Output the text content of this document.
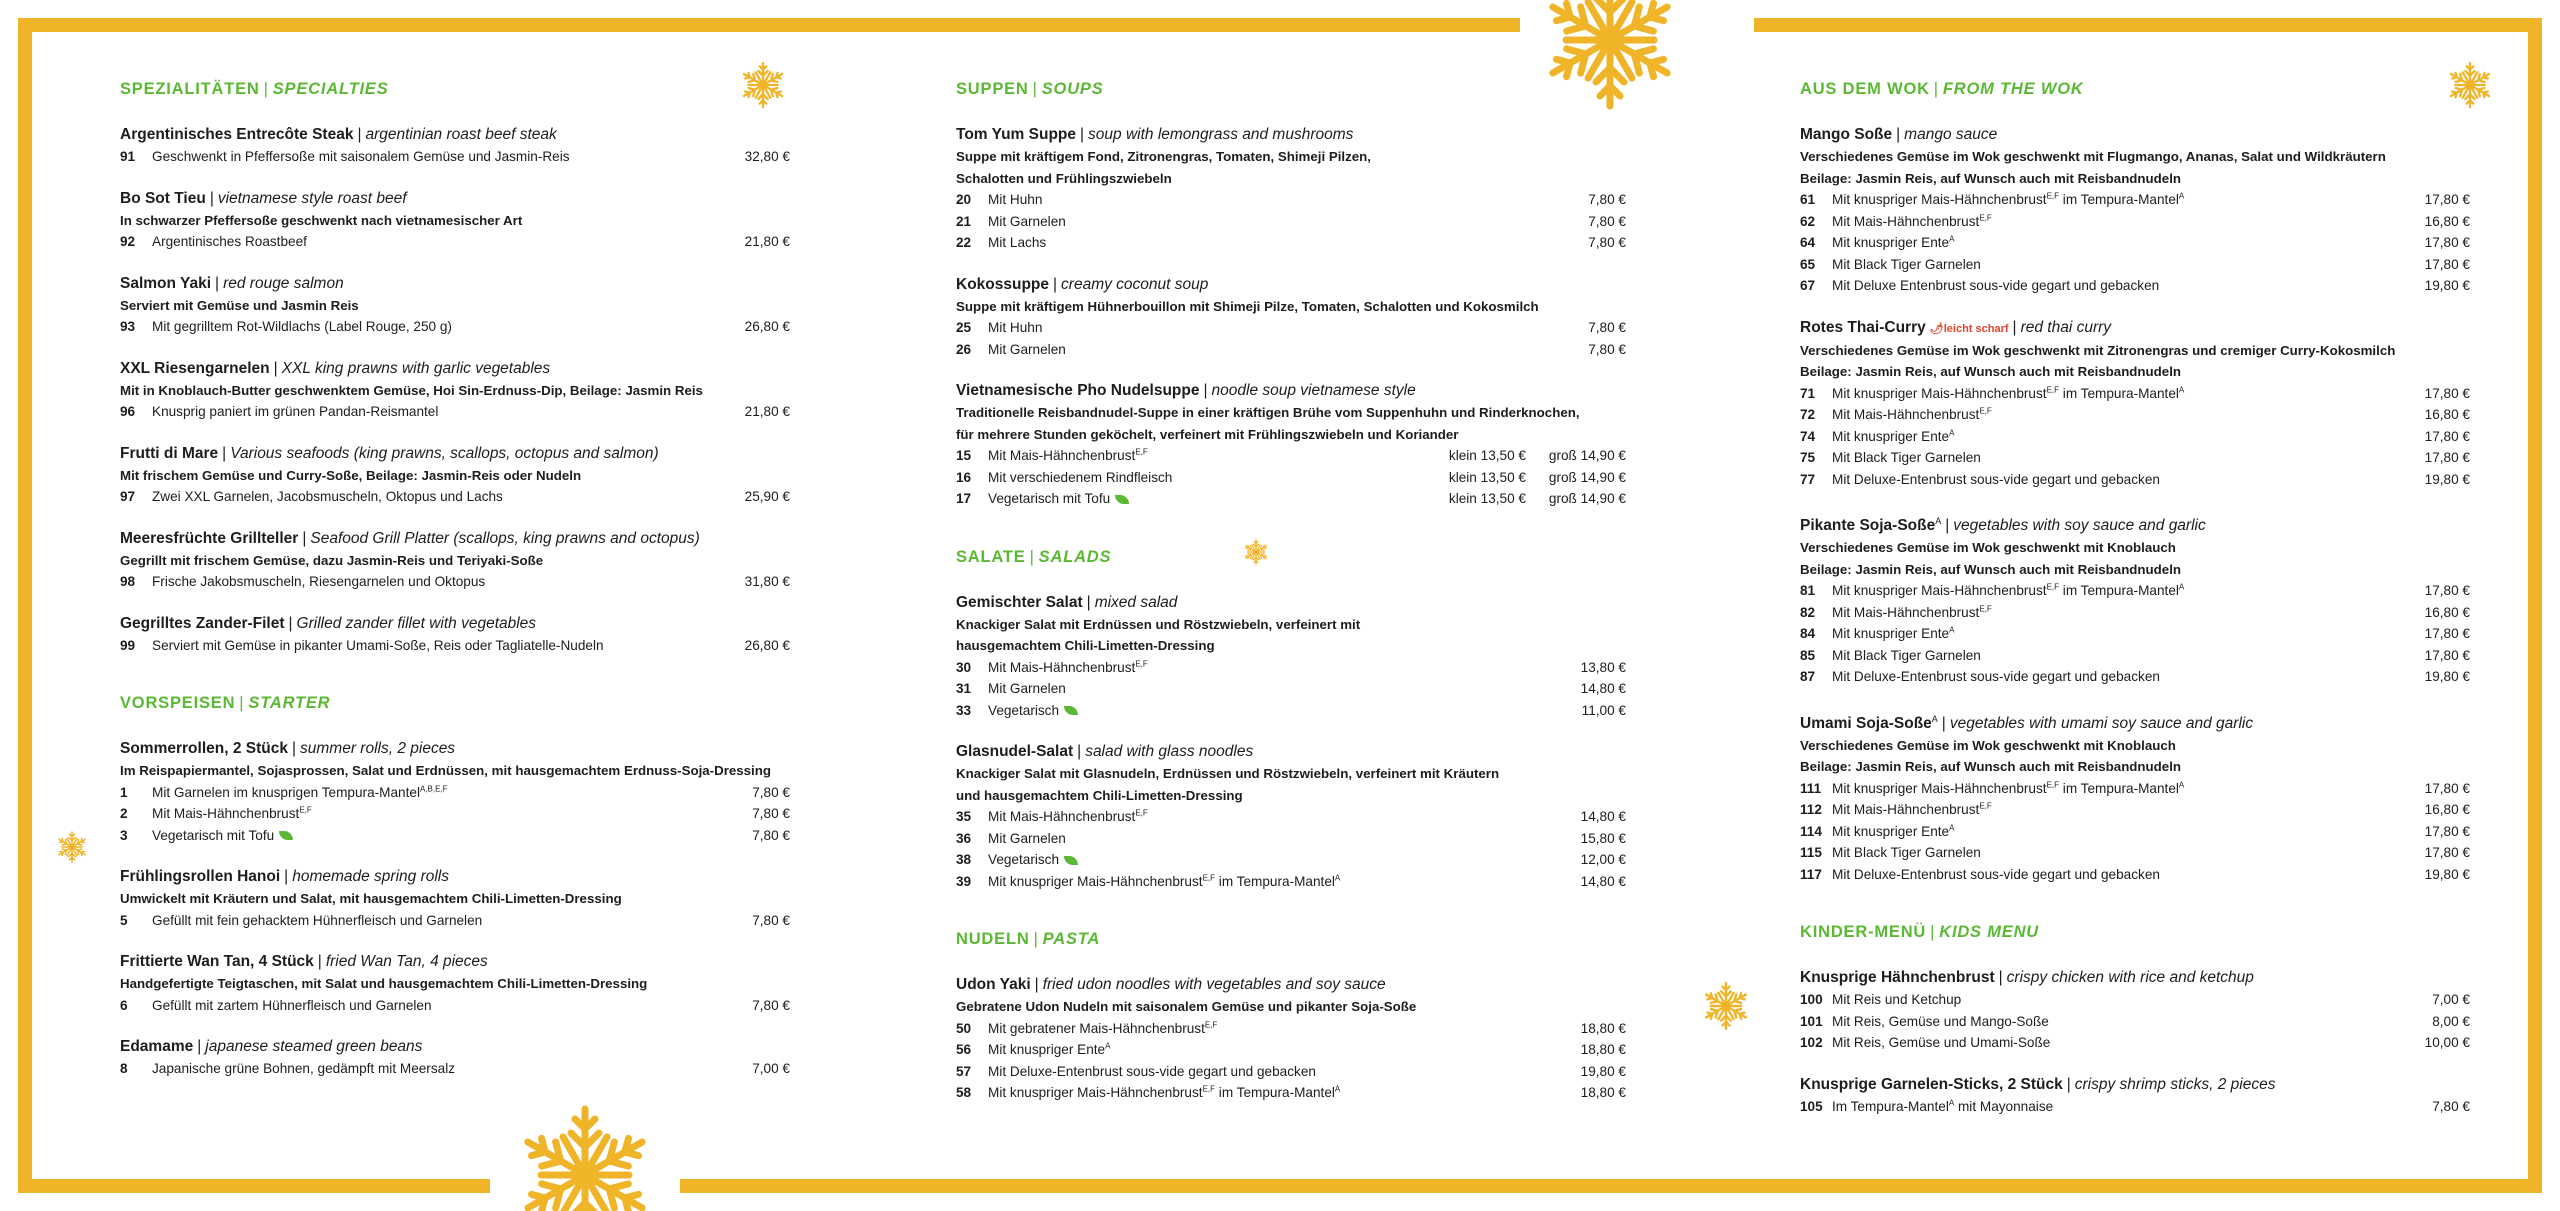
SPEZIALITÄTEN | SPECIALTIES
Argentinisches Entrecôte Steak | argentinian roast beef steak
91	Geschwenkt in Pfeffersoße mit saisonalem Gemüse und Jasmin-Reis	32,80 €
Bo Sot Tieu | vietnamese style roast beef
In schwarzer Pfeffersoße geschwenkt nach vietnamesischer Art
92	Argentinisches Roastbeef	21,80 €
Salmon Yaki | red rouge salmon
Serviert mit Gemüse und Jasmin Reis
93	Mit gegrilltem Rot-Wildlachs (Label Rouge, 250 g)	26,80 €
XXL Riesengarnelen | XXL king prawns with garlic vegetables
Mit in Knoblauch-Butter geschwenktem Gemüse, Hoi Sin-Erdnuss-Dip, Beilage: Jasmin Reis
96	Knusprig paniert im grünen Pandan-Reismantel	21,80 €
Frutti di Mare | Various seafoods (king prawns, scallops, octopus and salmon)
Mit frischem Gemüse und Curry-Soße, Beilage: Jasmin-Reis oder Nudeln
97	Zwei XXL Garnelen, Jacobsmuscheln, Oktopus und Lachs	25,90 €
Meeresfrüchte Grillteller | Seafood Grill Platter (scallops, king prawns and octopus)
Gegrillt mit frischem Gemüse, dazu Jasmin-Reis und Teriyaki-Soße
98	Frische Jakobsmuscheln, Riesengarnelen und Oktopus	31,80 €
Gegrilltes Zander-Filet | Grilled zander fillet with vegetables
99	Serviert mit Gemüse in pikanter Umami-Soße, Reis oder Tagliatelle-Nudeln	26,80 €
VORSPEISEN | STARTER
Sommerrollen, 2 Stück | summer rolls, 2 pieces
Im Reispapiermantel, Sojasprossen, Salat und Erdnüssen, mit hausgemachtem Erdnuss-Soja-Dressing
1	Mit Garnelen im knusprigen Tempura-Mantel$^{A,B,E,F}$	7,80 €
2	Mit Mais-Hähnchenbrust$^{E,F}$	7,80 €
3	Vegetarisch mit Tofu	7,80 €
Frühlingsrollen Hanoi | homemade spring rolls
Umwickelt mit Kräutern und Salat, mit hausgemachtem Chili-Limetten-Dressing
5	Gefüllt mit fein gehacktem Hühnerfleisch und Garnelen	7,80 €
Frittierte Wan Tan, 4 Stück | fried Wan Tan, 4 pieces
Handgefertigte Teigtaschen, mit Salat und hausgemachtem Chili-Limetten-Dressing
6	Gefüllt mit zartem Hühnerfleisch und Garnelen	7,80 €
Edamame | japanese steamed green beans
8	Japanische grüne Bohnen, gedämpft mit Meersalz	7,00 €
SUPPEN | SOUPS
Tom Yum Suppe | soup with lemongrass and mushrooms
Suppe mit kräftigem Fond, Zitronengras, Tomaten, Shimeji Pilzen,
Schalotten und Frühlingszwiebeln
20	Mit Huhn	7,80 €
21	Mit Garnelen	7,80 €
22	Mit Lachs	7,80 €
Kokossuppe | creamy coconut soup
Suppe mit kräftigem Hühnerbouillon mit Shimeji Pilze, Tomaten, Schalotten und Kokosmilch
25	Mit Huhn	7,80 €
26	Mit Garnelen	7,80 €
Vietnamesische Pho Nudelsuppe | noodle soup vietnamese style
Traditionelle Reisbandnudel-Suppe in einer kräftigen Brühe vom Suppenhuhn und Rinderknochen,
für mehrere Stunden geköchelt, verfeinert mit Frühlingszwiebeln und Koriander
15	Mit Mais-Hähnchenbrust$^{E,F}$	klein 13,50 €	groß 14,90 €
16	Mit verschiedenem Rindfleisch	klein 13,50 €	groß 14,90 €
17	Vegetarisch mit Tofu	klein 13,50 €	groß 14,90 €
SALATE | SALADS
Gemischter Salat | mixed salad
Knackiger Salat mit Erdnüssen und Röstzwiebeln, verfeinert mit
hausgemachtem Chili-Limetten-Dressing
30	Mit Mais-Hähnchenbrust$^{E,F}$	13,80 €
31	Mit Garnelen	14,80 €
33	Vegetarisch	11,00 €
Glasnudel-Salat | salad with glass noodles
Knackiger Salat mit Glasnudeln, Erdnüssen und Röstzwiebeln, verfeinert mit Kräutern
und hausgemachtem Chili-Limetten-Dressing
35	Mit Mais-Hähnchenbrust$^{E,F}$	14,80 €
36	Mit Garnelen	15,80 €
38	Vegetarisch	12,00 €
39	Mit knuspriger Mais-Hähnchenbrust$^{E,F}$ im Tempura-Mantel$^A$	14,80 €
NUDELN | PASTA
Udon Yaki | fried udon noodles with vegetables and soy sauce
Gebratene Udon Nudeln mit saisonalem Gemüse und pikanter Soja-Soße
50	Mit gebratener Mais-Hähnchenbrust$^{E,F}$	18,80 €
56	Mit knuspriger Ente$^A$	18,80 €
57	Mit Deluxe-Entenbrust sous-vide gegart und gebacken	19,80 €
58	Mit knuspriger Mais-Hähnchenbrust$^{E,F}$ im Tempura-Mantel$^A$	18,80 €
AUS DEM WOK | FROM THE WOK
Mango Soße | mango sauce
Verschiedenes Gemüse im Wok geschwenkt mit Flugmango, Ananas, Salat und Wildkräutern
Beilage: Jasmin Reis, auf Wunsch auch mit Reisbandnudeln
61	Mit knuspriger Mais-Hähnchenbrust$^{E,F}$ im Tempura-Mantel$^A$	17,80 €
62	Mit Mais-Hähnchenbrust$^{E,F}$	16,80 €
64	Mit knuspriger Ente$^A$	17,80 €
65	Mit Black Tiger Garnelen	17,80 €
67	Mit Deluxe Entenbrust sous-vide gegart und gebacken	19,80 €
Rotes Thai-Curry🌶 leicht scharf | red thai curry
Verschiedenes Gemüse im Wok geschwenkt mit Zitronengras und cremiger Curry-Kokosmilch
Beilage: Jasmin Reis, auf Wunsch auch mit Reisbandnudeln
71	Mit knuspriger Mais-Hähnchenbrust$^{E,F}$ im Tempura-Mantel$^A$	17,80 €
72	Mit Mais-Hähnchenbrust$^{E,F}$	16,80 €
74	Mit knuspriger Ente$^A$	17,80 €
75	Mit Black Tiger Garnelen	17,80 €
77	Mit Deluxe-Entenbrust sous-vide gegart und gebacken	19,80 €
Pikante Soja-Soße$^A$ | vegetables with soy sauce and garlic
Verschiedenes Gemüse im Wok geschwenkt mit Knoblauch
Beilage: Jasmin Reis, auf Wunsch auch mit Reisbandnudeln
81	Mit knuspriger Mais-Hähnchenbrust$^{E,F}$ im Tempura-Mantel$^A$	17,80 €
82	Mit Mais-Hähnchenbrust$^{E,F}$	16,80 €
84	Mit knuspriger Ente$^A$	17,80 €
85	Mit Black Tiger Garnelen	17,80 €
87	Mit Deluxe-Entenbrust sous-vide gegart und gebacken	19,80 €
Umami Soja-Soße$^A$ | vegetables with umami soy sauce and garlic
Verschiedenes Gemüse im Wok geschwenkt mit Knoblauch
Beilage: Jasmin Reis, auf Wunsch auch mit Reisbandnudeln
111 Mit knuspriger Mais-Hähnchenbrust$^{E,F}$ im Tempura-Mantel$^A$	17,80 €
112 Mit Mais-Hähnchenbrust$^{E,F}$	16,80 €
114 Mit knuspriger Ente$^A$	17,80 €
115 Mit Black Tiger Garnelen	17,80 €
117 Mit Deluxe-Entenbrust sous-vide gegart und gebacken	19,80 €
KINDER-MENÜ | KIDS MENU
Knusprige Hähnchenbrust | crispy chicken with rice and ketchup
100 Mit Reis und Ketchup	7,00 €
101 Mit Reis, Gemüse und Mango-Soße	8,00 €
102 Mit Reis, Gemüse und Umami-Soße	10,00 €
Knusprige Garnelen-Sticks, 2 Stück | crispy shrimp sticks, 2 pieces
105 Im Tempura-Mantel$^A$ mit Mayonnaise	7,80 €
